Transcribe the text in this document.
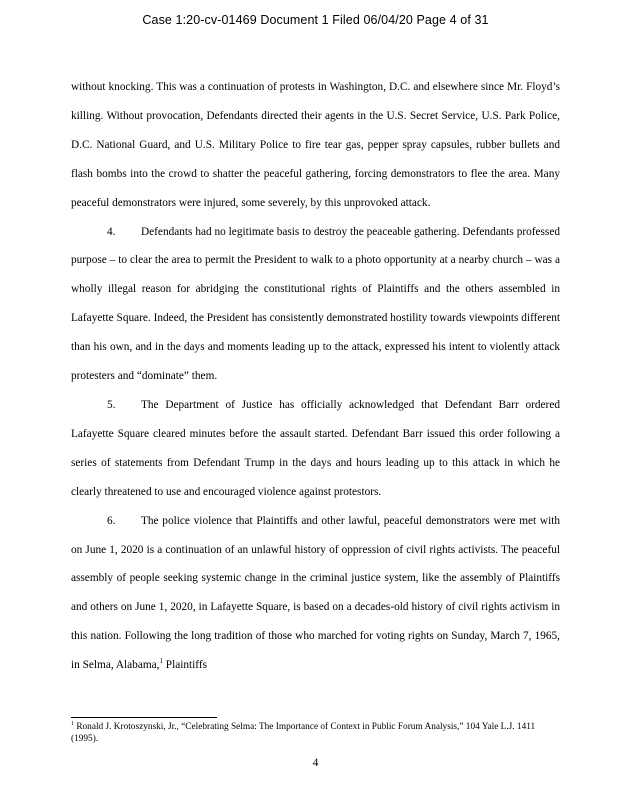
Case 1:20-cv-01469 Document 1 Filed 06/04/20 Page 4 of 31

without knocking. This was a continuation of protests in Washington, D.C. and elsewhere since Mr. Floyd’s killing. Without provocation, Defendants directed their agents in the U.S. Secret Service, U.S. Park Police, D.C. National Guard, and U.S. Military Police to fire tear gas, pepper spray capsules, rubber bullets and flash bombs into the crowd to shatter the peaceful gathering, forcing demonstrators to flee the area. Many peaceful demonstrators were injured, some severely, by this unprovoked attack.

4. Defendants had no legitimate basis to destroy the peaceable gathering. Defendants professed purpose – to clear the area to permit the President to walk to a photo opportunity at a nearby church – was a wholly illegal reason for abridging the constitutional rights of Plaintiffs and the others assembled in Lafayette Square. Indeed, the President has consistently demonstrated hostility towards viewpoints different than his own, and in the days and moments leading up to the attack, expressed his intent to violently attack protesters and “dominate” them.

5. The Department of Justice has officially acknowledged that Defendant Barr ordered Lafayette Square cleared minutes before the assault started. Defendant Barr issued this order following a series of statements from Defendant Trump in the days and hours leading up to this attack in which he clearly threatened to use and encouraged violence against protestors.

6. The police violence that Plaintiffs and other lawful, peaceful demonstrators were met with on June 1, 2020 is a continuation of an unlawful history of oppression of civil rights activists. The peaceful assembly of people seeking systemic change in the criminal justice system, like the assembly of Plaintiffs and others on June 1, 2020, in Lafayette Square, is based on a decades-old history of civil rights activism in this nation. Following the long tradition of those who marched for voting rights on Sunday, March 7, 1965, in Selma, Alabama,$^1$ Plaintiffs

$^1$ Ronald J. Krotoszynski, Jr., “Celebrating Selma: The Importance of Context in Public Forum Analysis,” 104 Yale L.J. 1411 (1995).
4
